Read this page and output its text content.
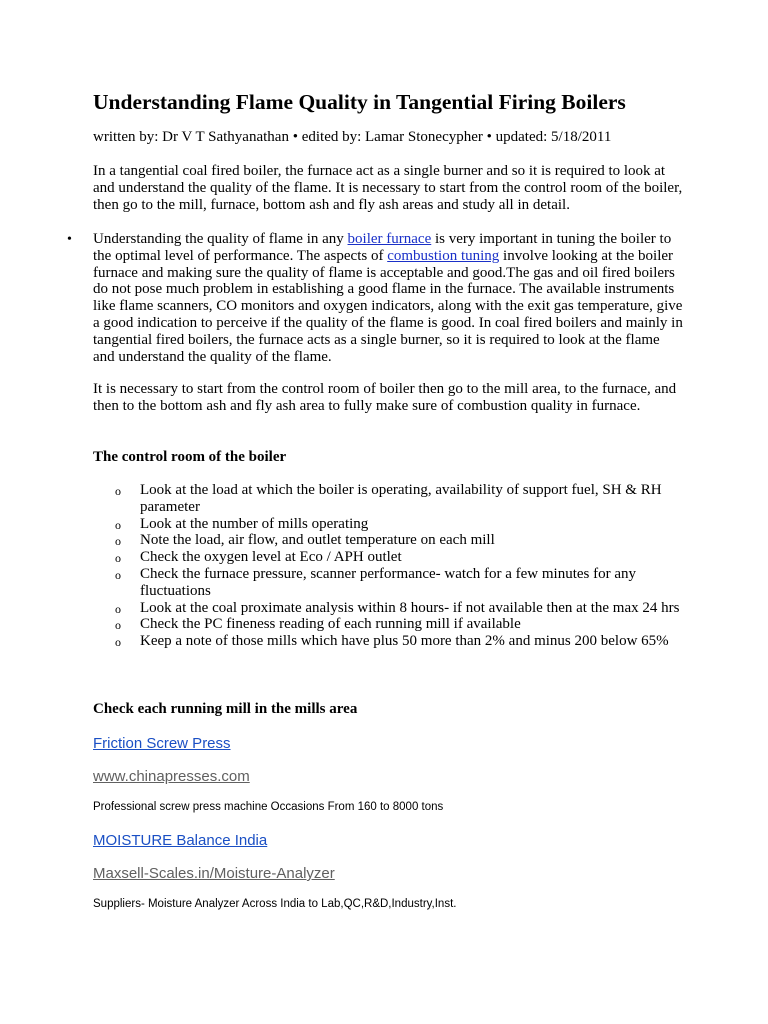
Understanding Flame Quality in Tangential Firing Boilers
written by: Dr V T Sathyanathan • edited by: Lamar Stonecypher • updated: 5/18/2011

In a tangential coal fired boiler, the furnace act as a single burner and so it is required to look at and understand the quality of the flame. It is necessary to start from the control room of the boiler, then go to the mill, furnace, bottom ash and fly ash areas and study all in detail.

• Understanding the quality of flame in any boiler furnace is very important in tuning the boiler to the optimal level of performance. The aspects of combustion tuning involve looking at the boiler furnace and making sure the quality of flame is acceptable and good.The gas and oil fired boilers do not pose much problem in establishing a good flame in the furnace. The available instruments like flame scanners, CO monitors and oxygen indicators, along with the exit gas temperature, give a good indication to perceive if the quality of the flame is good. In coal fired boilers and mainly in tangential fired boilers, the furnace acts as a single burner, so it is required to look at the flame and understand the quality of the flame.

It is necessary to start from the control room of boiler then go to the mill area, to the furnace, and then to the bottom ash and fly ash area to fully make sure of combustion quality in furnace.

The control room of the boiler
o Look at the load at which the boiler is operating, availability of support fuel, SH & RH parameter
o Look at the number of mills operating
o Note the load, air flow, and outlet temperature on each mill
o Check the oxygen level at Eco / APH outlet
o Check the furnace pressure, scanner performance- watch for a few minutes for any fluctuations
o Look at the coal proximate analysis within 8 hours- if not available then at the max 24 hrs
o Check the PC fineness reading of each running mill if available
o Keep a note of those mills which have plus 50 more than 2% and minus 200 below 65%
Check each running mill in the mills area
Friction Screw Press
www.chinapresses.com

Professional screw press machine Occasions From 160 to 8000 tons

MOISTURE Balance India
Maxsell-Scales.in/Moisture-Analyzer

Suppliers- Moisture Analyzer Across India to Lab,QC,R&D,Industry,Inst.
